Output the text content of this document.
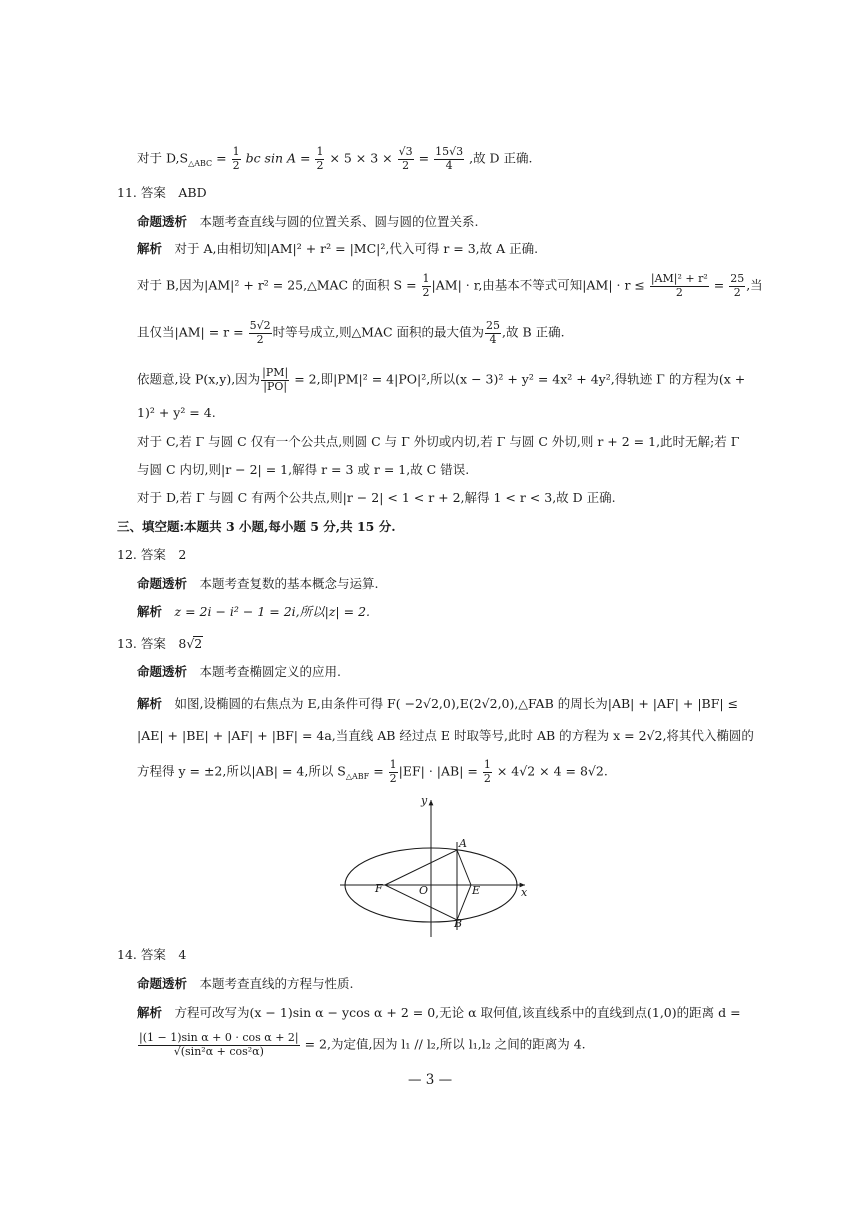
对于 $D,S_{\triangle ABC} = \frac{1}{2}$ bc $\sin A = \frac{1}{2} \times 5 \times 3 \times \frac{√3}{2} = \frac{15√3}{4}$ ,故 D 正确.
11. 答案　ABD
命题透析　 本题考查直线与圆的位置关系、圆与圆的位置关系.
解析　 对于 A,由相切知|AM|² + r² = |MC|²,代入可得 r = 3,故 A 正确.
对于 B,因为|AM|² + r² = 25,△MAC 的面积 $S = \frac{1}{2} |AM| \cdot r$,由基本不等式可知$|AM| \cdot r \le \frac{\text{|AM|² + r²}}{2} = \frac{25}{2}$ ,当
且仅当$|AM| = r = \frac{5√2}{2}$ 时等号成立,则△MAC 面积的最大值为 $\frac{25}{4}$ ,故 B 正确.
依题意,设 P(x,y),因为 $\frac{|PM|}{|PO|} = 2$,即|PM|² = 4|PO|²,所以(x − 3)² + y² = 4x² + 4y²,得轨迹 Γ 的方程为(x +
1)² + y² = 4.
对于 C,若 Γ 与圆 C 仅有一个公共点,则圆 C 与 Γ 外切或内切,若 Γ 与圆 C 外切,则 r + 2 = 1,此时无解;若 Γ
与圆 C 内切,则|r − 2| = 1,解得 r = 3 或 r = 1,故 C 错误.
对于 D,若 Γ 与圆 C 有两个公共点,则|r − 2| < 1 < r + 2,解得 1 < r < 3,故 D 正确.
三、填空题:本题共 3 小题,每小题 5 分,共 15 分.
12. 答案　2
命题透析　 本题考查复数的基本概念与运算.
解析　 z = 2i − i² − 1 = 2i,所以|z| = 2.
13. 答案　8√2
命题透析　 本题考查椭圆定义的应用.
解析　 如图,设椭圆的右焦点为 E,由条件可得 F( −2√2,0),E(2√2,0),△FAB 的周长为|AB| + |AF| + |BF| ≤
|AE| + |BE| + |AF| + |BF| = 4a,当直线 AB 经过点 E 时取等号,此时 AB 的方程为 x = 2√2,将其代入椭圆的
方程得 y = ±2,所以|AB| = 4,所以 $S_{\triangle ABF} = \frac{1}{2} |EF| \cdot |AB| = \frac{1}{2} \times 4√2 \times 4 = 8√2$.
y
x
A
B
F	O	E
14. 答案　4
命题透析　 本题考查直线的方程与性质.
解析　 方程可改写为(x − 1)sin α − ycos α + 2 = 0,无论 α 取何值,该直线系中的直线到点(1,0)的距离 d =
$\frac{\text{|(1 − 1)sin α + 0 · cos α + 2|}}{\text{√(sin²α + cos²α)}} = 2$,为定值,因为 l₁ // l₂,所以 l₁,l₂ 之间的距离为 4.
— 3 —
